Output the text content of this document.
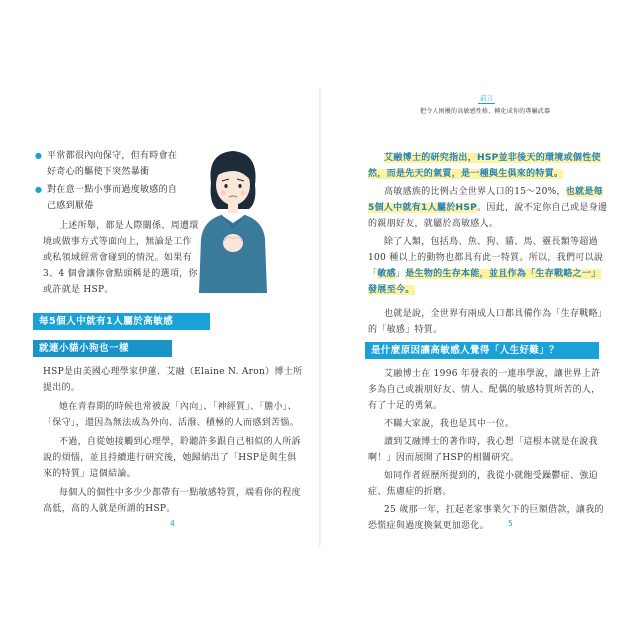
● 平常都很內向保守，但有時會在好奇心的驅使下突然暴衝
● 對在意一點小事而過度敏感的自己感到厭倦
上述所舉，都是人際關係、周遭環境或做事方式等面向上，無論是工作或私領域經常會碰到的情況。如果有 3、4 個會讓你會點頭稱是的選項，你或許就是 HSP。
每5個人中就有1人屬於高敏感
就連小貓小狗也一樣

HSP是由美國心理學家伊蓮．艾融（Elaine N. Aron）博士所提出的。

她在青春期的時候也常被說「內向」、「神經質」、「膽小」、「保守」，還因為無法成為外向、活潑、積極的人而感到苦惱。

不過，自從她接觸到心理學，聆聽許多跟自己相似的人所訴說的煩惱，並且持續進行研究後，她歸納出了「HSP是與生俱來的特質」這個結論。

每個人的個性中多少少都帶有一點敏感特質，端看你的程度高低，高的人就是所謂的HSP。

4
前言
把令人困擾的高敏感性格，轉化成你的專屬武器

艾融博士的研究指出，HSP並非後天的環境或個性使然，而是先天的氣質，是一種與生俱來的特質。

高敏感族的比例占全世界人口的15～20%，也就是每5個人中就有1人屬於HSP。因此，說不定你自己或是身邊的親朋好友，就屬於高敏感人。

除了人類，包括鳥、魚、狗、貓、馬、靈長類等超過 100 種以上的動物也都具有此一特質。所以，我們可以說「敏感」是生物的生存本能，並且作為「生存戰略之一」發展至今。

也就是說，全世界有兩成人口都具備作為「生存戰略」的「敏感」特質。

是什麼原因讓高敏感人覺得「人生好難」？

艾融博士在 1996 年發表的一連串學說，讓世界上許多為自己或親朋好友、情人、配偶的敏感特質所苦的人，有了十足的勇氣。

不瞞大家說，我也是其中一位。

讀到艾融博士的著作時，我心想「這根本就是在說我啊！」因而展開了HSP的相關研究。

如同作者經歷所提到的，我從小就飽受躁鬱症、強迫症、焦慮症的折磨。

25 歲那一年，扛起老家事業欠下的巨額借款，讓我的恐慌症與過度換氣更加惡化。	5
